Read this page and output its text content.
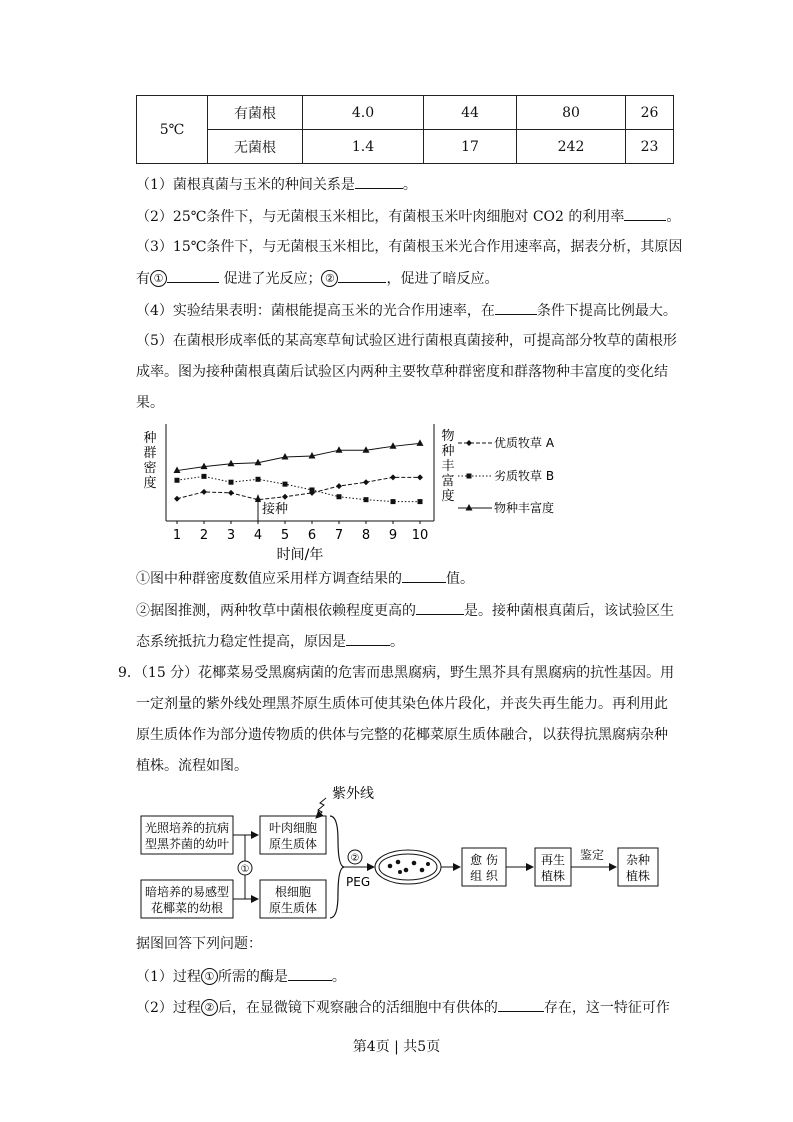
5℃	有菌根	4.0	44	80	26
	无菌根	1.4	17	242	23
（1）菌根真菌与玉米的种间关系是	。
（2）25℃条件下，与无菌根玉米相比，有菌根玉米叶肉细胞对 CO2 的利用率	。
（3）15℃条件下，与无菌根玉米相比，有菌根玉米光合作用速率高，据表分析，其原因
有 ①	促进了光反应； ②	，促进了暗反应。
（4）实验结果表明：菌根能提高玉米的光合作用速率，在	条件下提高比例最大。
（5）在菌根形成率低的某高寒草甸试验区进行菌根真菌接种，可提高部分牧草的菌根形
成率。图为接种菌根真菌后试验区内两种主要牧草种群密度和群落物种丰富度的变化结
果。
种群密度
1 2 3 4 5 6 7 8 9 10
接种
物种丰富度
时间/年
优质牧草 A
劣质牧草 B
物种丰富度
①图中种群密度数值应采用样方调查结果的	值。
②据图推测，两种牧草中菌根依赖程度更高的	是。接种菌根真菌后，该试验区生
态系统抵抗力稳定性提高，原因是	。
9．（15 分）花椰菜易受黑腐病菌的危害而患黑腐病，野生黑芥具有黑腐病的抗性基因。用
一定剂量的紫外线处理黑芥原生质体可使其染色体片段化，并丧失再生能力。再利用此
原生质体作为部分遗传物质的供体与完整的花椰菜原生质体融合，以获得抗黑腐病杂种
植株。流程如图。
紫外线
光照培养的抗病
型黑芥菌的幼叶
暗培养的易感型
花椰菜的幼根
①
叶肉细胞
原生质体
根细胞
原生质体
②
PEG
愈 伤
组 织
再生
植株
鉴定 杂种
植株
据图回答下列问题：
（1）过程 ① 所需的酶是	。
（2）过程 ② 后，在显微镜下观察融合的活细胞中有供体的	存在，这一特征可作
第4页 | 共5页
